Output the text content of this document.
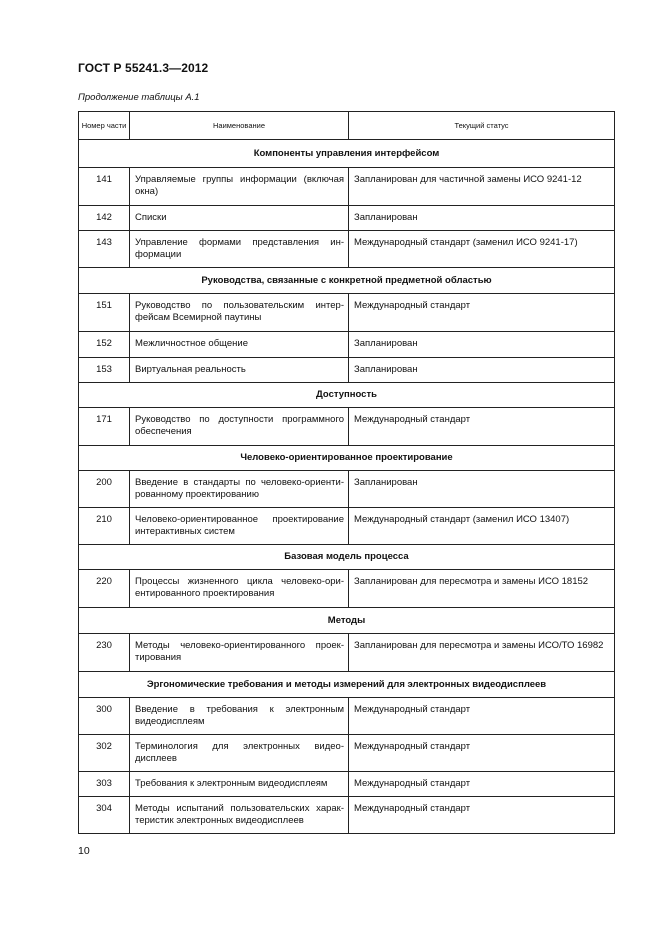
ГОСТ Р 55241.3—2012
Продолжение таблицы А.1
Номер части	Наименование	Текущий статус
Компоненты управления интерфейсом		
141	Управляемые группы информации (включая окна)	Запланирован для частичной замены ИСО 9241-12
142	Списки	Запланирован
143	Управление формами представления информации	Международный стандарт (заменил ИСО 9241-17)
Руководства, связанные с конкретной предметной областью		
151	Руководство по пользовательским интерфейсам Всемирной паутины	Международный стандарт
152	Межличностное общение	Запланирован
153	Виртуальная реальность	Запланирован
Доступность		
171	Руководство по доступности программного обеспечения	Международный стандарт
Человеко-ориентированное проектирование		
200	Введение в стандарты по человеко-ориентированному проектированию	Запланирован
210	Человеко-ориентированное проектирование интерактивных систем	Международный стандарт (заменил ИСО 13407)
Базовая модель процесса		
220	Процессы жизненного цикла человеко-ориентированного проектирования	Запланирован для пересмотра и замены ИСО 18152
Методы		
230	Методы человеко-ориентированного проектирования	Запланирован для пересмотра и замены ИСО/ТО 16982
Эргономические требования и методы измерений для электронных видеодисплеев		
300	Введение в требования к электронным видеодисплеям	Международный стандарт
302	Терминология для электронных видеодисплеев	Международный стандарт
303	Требования к электронным видеодисплеям	Международный стандарт
304	Методы испытаний пользовательских характеристик электронных видеодисплеев	Международный стандарт
10
